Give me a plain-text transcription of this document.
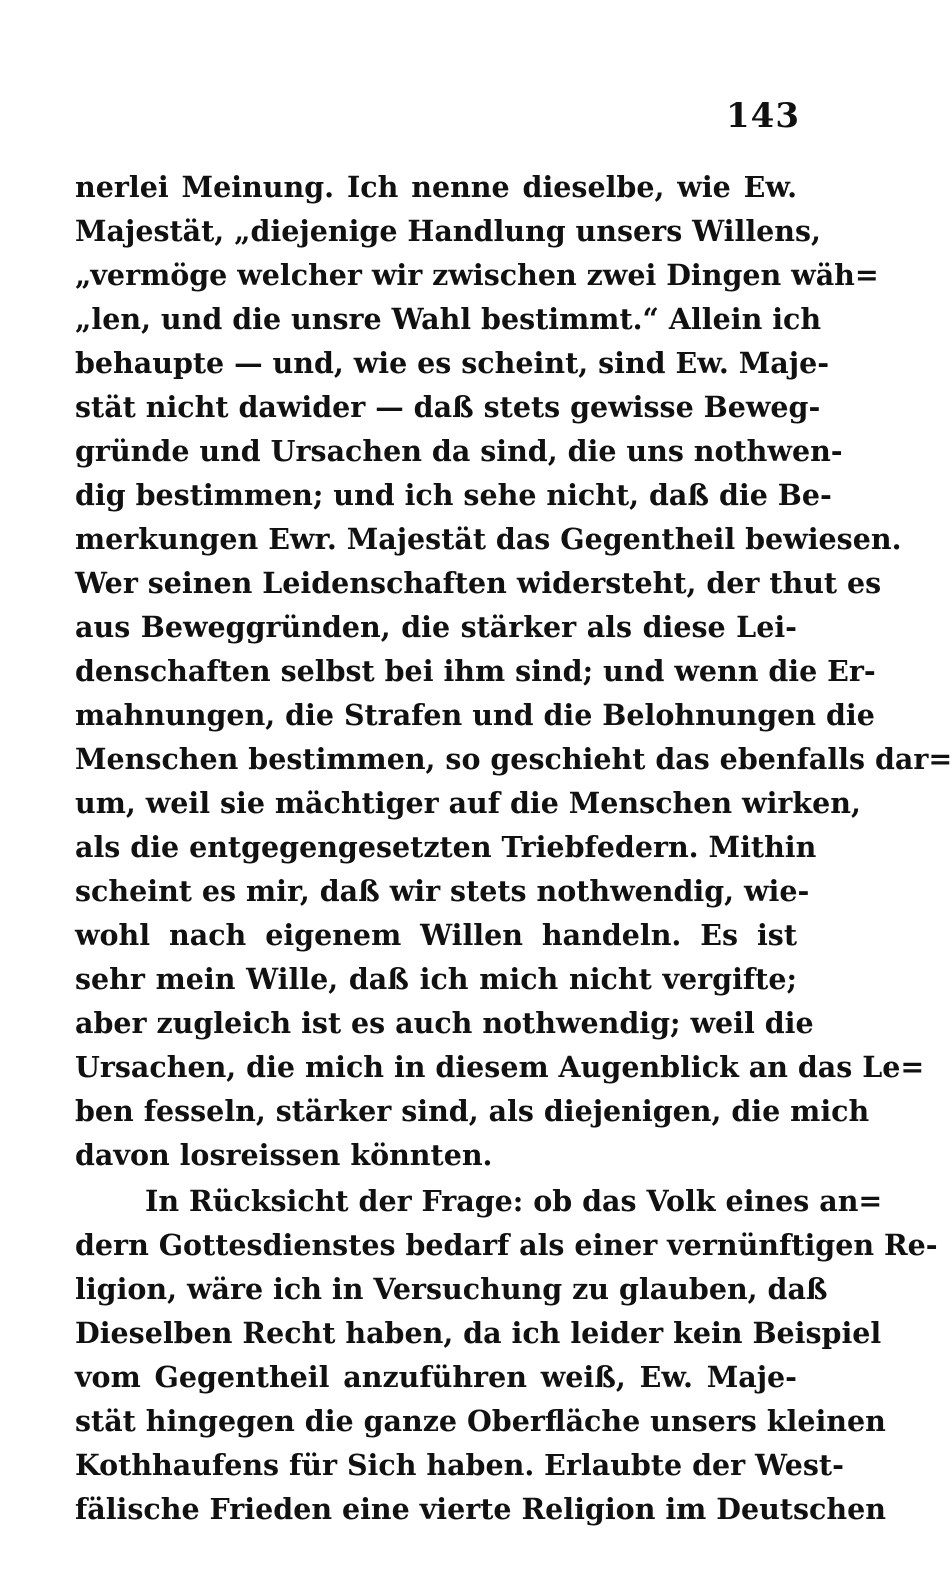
143
nerlei Meinung. Ich nenne dieselbe, wie Ew.
Majestät, „diejenige Handlung unsers Willens,
„vermöge welcher wir zwischen zwei Dingen wäh=
„len, und die unsre Wahl bestimmt.“ Allein ich
behaupte — und, wie es scheint, sind Ew. Maje-
stät nicht dawider — daß stets gewisse Beweg-
gründe und Ursachen da sind, die uns nothwen-
dig bestimmen; und ich sehe nicht, daß die Be-
merkungen Ewr. Majestät das Gegentheil bewiesen.
Wer seinen Leidenschaften widersteht, der thut es
aus Beweggründen, die stärker als diese Lei-
denschaften selbst bei ihm sind; und wenn die Er-
mahnungen, die Strafen und die Belohnungen die
Menschen bestimmen, so geschieht das ebenfalls dar=
um, weil sie mächtiger auf die Menschen wirken,
als die entgegengesetzten Triebfedern. Mithin
scheint es mir, daß wir stets nothwendig, wie-
wohl nach eigenem Willen handeln. Es ist
sehr mein Wille, daß ich mich nicht vergifte;
aber zugleich ist es auch nothwendig; weil die
Ursachen, die mich in diesem Augenblick an das Le=
ben fesseln, stärker sind, als diejenigen, die mich
davon losreissen könnten.
In Rücksicht der Frage: ob das Volk eines an=
dern Gottesdienstes bedarf als einer vernünftigen Re-
ligion, wäre ich in Versuchung zu glauben, daß
Dieselben Recht haben, da ich leider kein Beispiel
vom Gegentheil anzuführen weiß, Ew. Maje-
stät hingegen die ganze Oberfläche unsers kleinen
Kothhaufens für Sich haben. Erlaubte der West-
fälische Frieden eine vierte Religion im Deutschen
